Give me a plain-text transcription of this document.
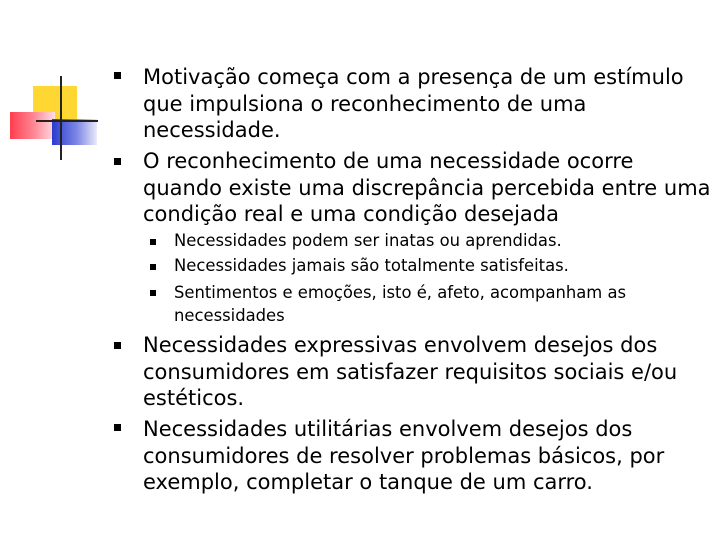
Motivação começa com a presença de um estímulo
que impulsiona o reconhecimento de uma
necessidade.
O reconhecimento de uma necessidade ocorre
quando existe uma discrepância percebida entre uma
condição real e uma condição desejada
Necessidades podem ser inatas ou aprendidas.
Necessidades jamais são totalmente satisfeitas.
Sentimentos e emoções, isto é, afeto, acompanham as
necessidades
Necessidades expressivas envolvem desejos dos
consumidores em satisfazer requisitos sociais e/ou
estéticos.
Necessidades utilitárias envolvem desejos dos
consumidores de resolver problemas básicos, por
exemplo, completar o tanque de um carro.
